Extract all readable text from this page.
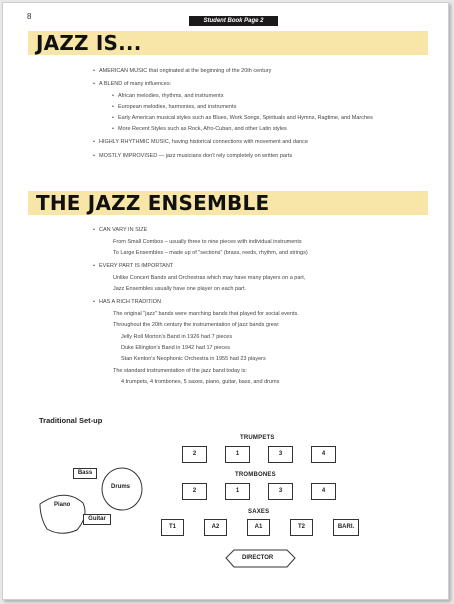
8	Student Book Page 2
JAZZ IS...
• AMERICAN MUSIC that originated at the beginning of the 20th century
• A BLEND of many influences:
• African melodies, rhythms, and instruments
• European melodies, harmonies, and instruments
• Early American musical styles such as Blues, Work Songs, Spirituals and Hymns, Ragtime, and Marches
• More Recent Styles such as Rock, Afro-Cuban, and other Latin styles
• HIGHLY RHYTHMIC MUSIC, having historical connections with movement and dance
• MOSTLY IMPROVISED — jazz musicians don't rely completely on written parts
THE JAZZ ENSEMBLE
• CAN VARY IN SIZE
From Small Combos – usually three to nine pieces with individual instruments
To Large Ensembles – made up of "sections" (brass, reeds, rhythm, and strings)
• EVERY PART IS IMPORTANT
Unlike Concert Bands and Orchestras which may have many players on a part,
Jazz Ensembles usually have one player on each part.
• HAS A RICH TRADITION
The original "jazz" bands were marching bands that played for social events.
Throughout the 20th century the instrumentation of jazz bands grew:
Jelly Roll Morton's Band in 1926 had 7 pieces
Duke Ellington's Band in 1942 had 17 pieces
Stan Kenton's Neophonic Orchestra in 1955 had 23 players
The standard instrumentation of the jazz band today is:
4 trumpets, 4 trombones, 5 saxes, piano, guitar, bass, and drums
Traditional Set-up
TRUMPETS
2	1	3	4
TROMBONES
2	1	3	4
SAXES
T1	A2	A1	T2	BARI.
Bass
Drums
Piano
Guitar
DIRECTOR
